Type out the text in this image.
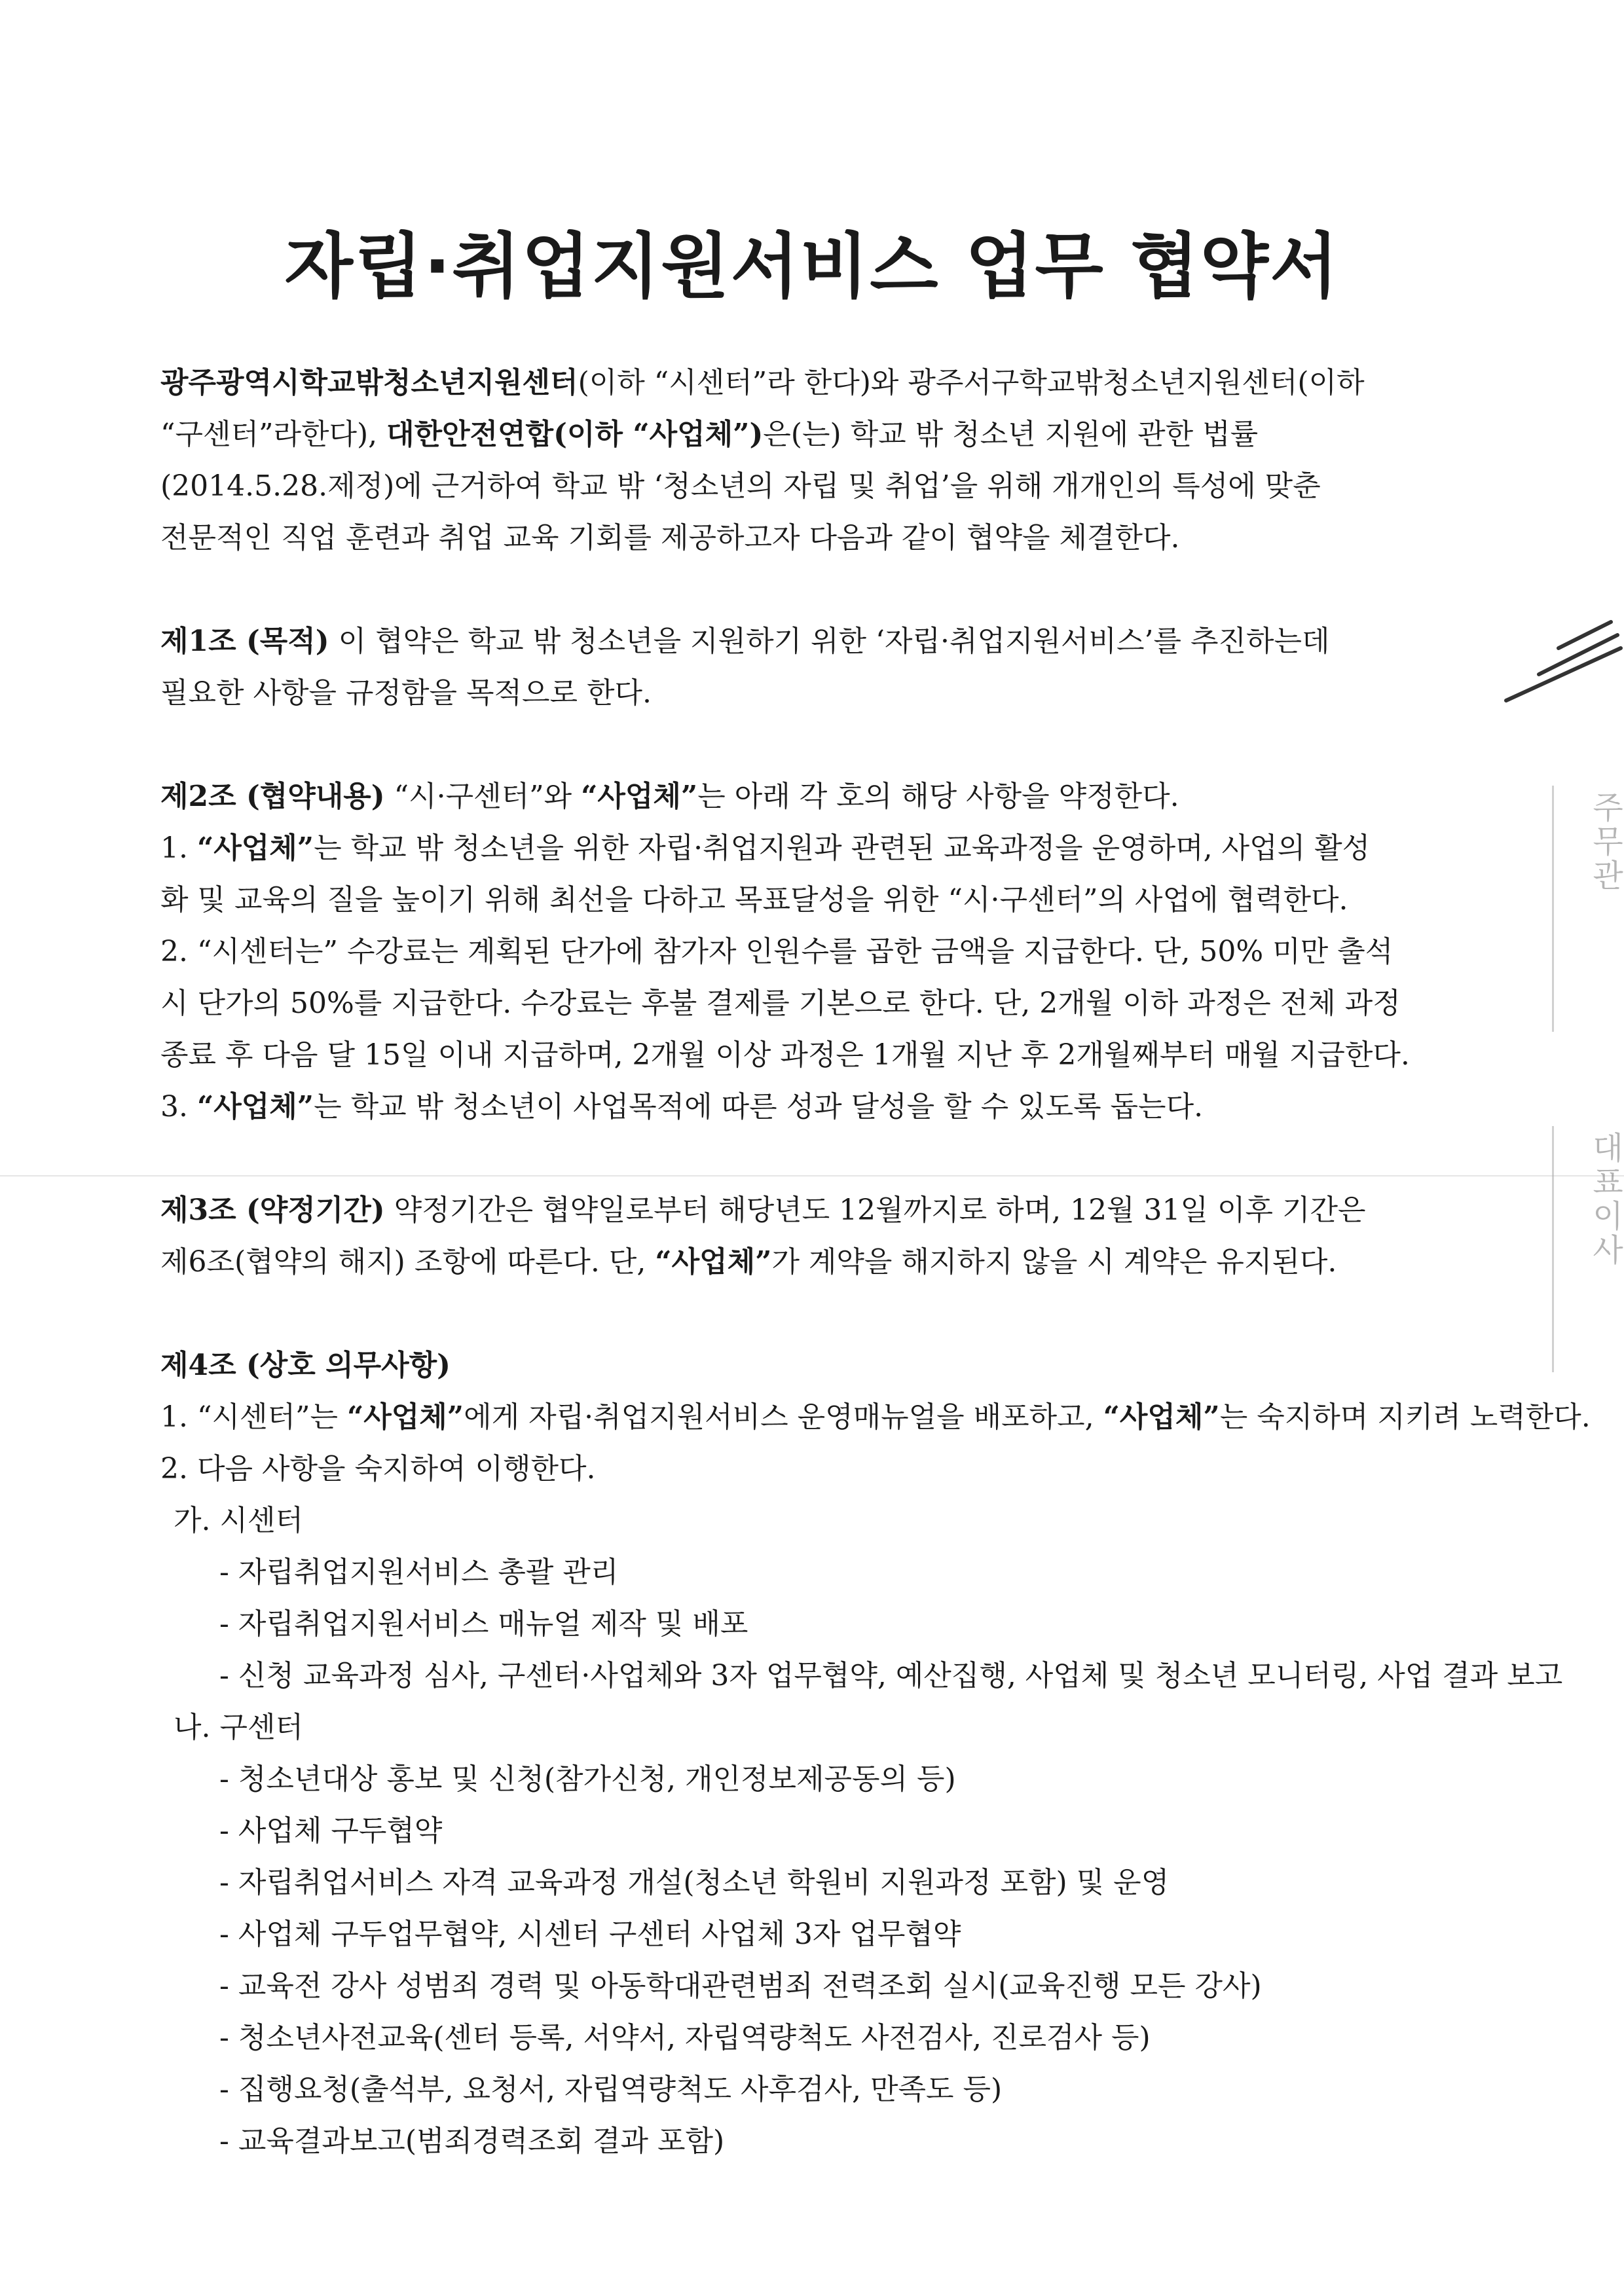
자립·취업지원서비스 업무 협약서

광주광역시학교밖청소년지원센터(이하 “시센터”라 한다)와 광주서구학교밖청소년지원센터(이하

“구센터”라한다), 대한안전연합(이하 “사업체”)은(는) 학교 밖 청소년 지원에 관한 법률

(2014.5.28.제정)에 근거하여 학교 밖 ‘청소년의 자립 및 취업’을 위해 개개인의 특성에 맞춘

전문적인 직업 훈련과 취업 교육 기회를 제공하고자 다음과 같이 협약을 체결한다.

제1조 (목적) 이 협약은 학교 밖 청소년을 지원하기 위한 ‘자립·취업지원서비스’를 추진하는데

필요한 사항을 규정함을 목적으로 한다.

제2조 (협약내용) “시·구센터”와 “사업체”는 아래 각 호의 해당 사항을 약정한다.

1. “사업체”는 학교 밖 청소년을 위한 자립·취업지원과 관련된 교육과정을 운영하며, 사업의 활성

화 및 교육의 질을 높이기 위해 최선을 다하고 목표달성을 위한 “시·구센터”의 사업에 협력한다.

2. “시센터는” 수강료는 계획된 단가에 참가자 인원수를 곱한 금액을 지급한다. 단, 50% 미만 출석

시 단가의 50%를 지급한다. 수강료는 후불 결제를 기본으로 한다. 단, 2개월 이하 과정은 전체 과정

종료 후 다음 달 15일 이내 지급하며, 2개월 이상 과정은 1개월 지난 후 2개월째부터 매월 지급한다.

3. “사업체”는 학교 밖 청소년이 사업목적에 따른 성과 달성을 할 수 있도록 돕는다.

제3조 (약정기간) 약정기간은 협약일로부터 해당년도 12월까지로 하며, 12월 31일 이후 기간은

제6조(협약의 해지) 조항에 따른다. 단, “사업체”가 계약을 해지하지 않을 시 계약은 유지된다.

제4조 (상호 의무사항)

1. “시센터”는 “사업체”에게 자립·취업지원서비스 운영매뉴얼을 배포하고, “사업체”는 숙지하며 지키려 노력한다.

2. 다음 사항을 숙지하여 이행한다.

가. 시센터

- 자립취업지원서비스 총괄 관리

- 자립취업지원서비스 매뉴얼 제작 및 배포

- 신청 교육과정 심사, 구센터·사업체와 3자 업무협약, 예산집행, 사업체 및 청소년 모니터링, 사업 결과 보고

나. 구센터

- 청소년대상 홍보 및 신청(참가신청, 개인정보제공동의 등)

- 사업체 구두협약

- 자립취업서비스 자격 교육과정 개설(청소년 학원비 지원과정 포함) 및 운영

- 사업체 구두업무협약, 시센터 구센터 사업체 3자 업무협약

- 교육전 강사 성범죄 경력 및 아동학대관련범죄 전력조회 실시(교육진행 모든 강사)

- 청소년사전교육(센터 등록, 서약서, 자립역량척도 사전검사, 진로검사 등)

- 집행요청(출석부, 요청서, 자립역량척도 사후검사, 만족도 등)

- 교육결과보고(범죄경력조회 결과 포함)

주무관
대표이사
